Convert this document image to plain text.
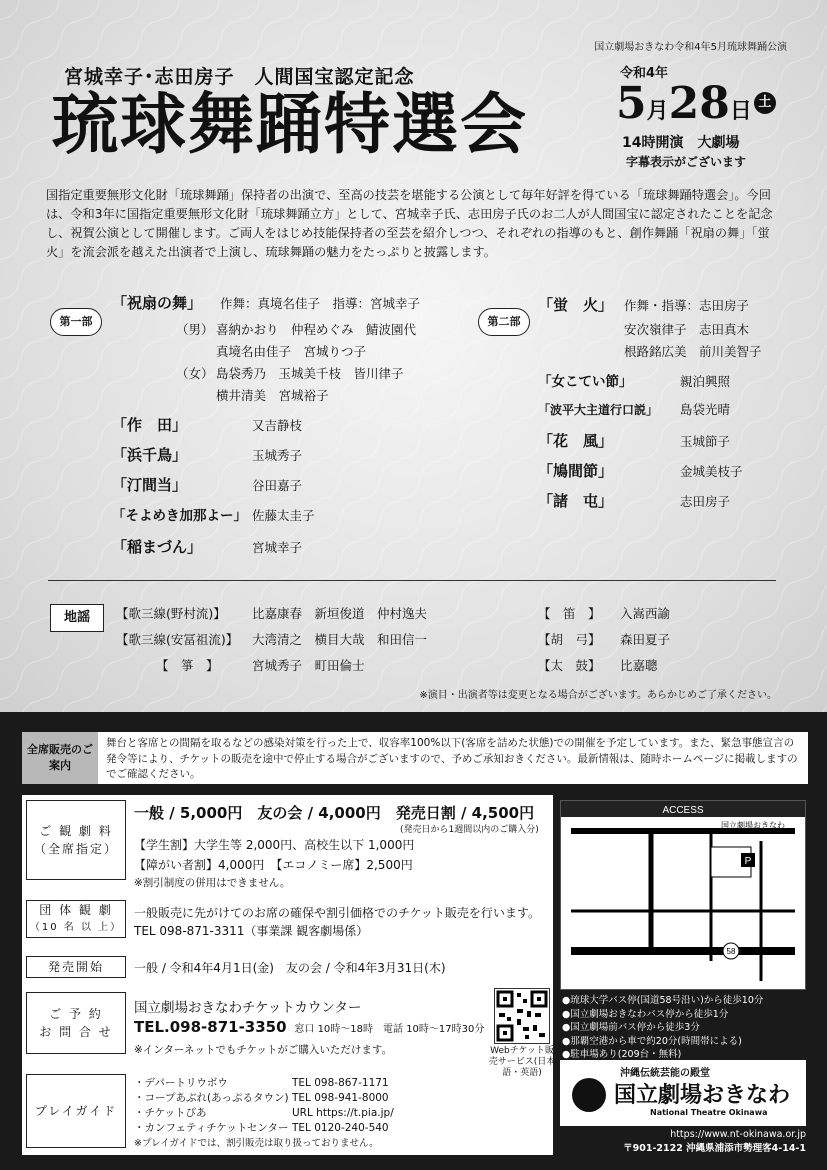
国立劇場おきなわ令和4年5月琉球舞踊公演
宮城幸子･志田房子　人間国宝認定記念
琉球舞踊特選会
令和4年
5月28日 土
14時開演　大劇場
字幕表示がございます
国指定重要無形文化財「琉球舞踊」保持者の出演で、至高の技芸を堪能する公演として毎年好評を得ている「琉球舞踊特選会」。今回は、令和3年に国指定重要無形文化財「琉球舞踊立方」として、宮城幸子氏、志田房子氏のお二人が人間国宝に認定されたことを記念し、祝賀公演として開催します。ご両人をはじめ技能保持者の至芸を紹介しつつ、それぞれの指導のもと、創作舞踊「祝扇の舞」「蛍火」を流会派を越えた出演者で上演し、琉球舞踊の魅力をたっぷりと披露します。
第一部
「祝扇の舞」	作舞：真境名佳子　指導：宮城幸子
（男） 喜納かおり　仲程めぐみ　鯖波園代
真境名由佳子　宮城りつ子
（女） 島袋秀乃　玉城美千枝　皆川律子
横井清美　宮城裕子
「作　田」	又吉静枝
「浜千鳥」	玉城秀子
「汀間当」	谷田嘉子
「そよめき加那よー」 佐藤太圭子
「稲まづん」	宮城幸子
第二部
「蛍　火」 作舞・指導：志田房子
安次嶺律子　志田真木
根路銘広美　前川美智子
「女こてい節」	親泊興照
「波平大主道行口説」	島袋光晴
「花　風」	玉城節子
「鳩間節」	金城美枝子
「諸　屯」	志田房子
地謡	【歌三線(野村流)】	比嘉康春　新垣俊道　仲村逸夫	【　笛　】	入嵩西諭
【歌三線(安冨祖流)】	大湾清之　横目大哉　和田信一	【胡　弓】	森田夏子
【　箏　】	宮城秀子　町田倫士	【太　鼓】	比嘉聰
※演目・出演者等は変更となる場合がございます。あらかじめご了承ください。
全席販売のご案内
舞台と客席との間隔を取るなどの感染対策を行った上で、収容率100%以下(客席を詰めた状態)での開催を予定しています。また、緊急事態宣言の発令等により、チケットの販売を途中で停止する場合がございますので、予めご承知おきください。最新情報は、随時ホームページに掲載しますのでご確認ください。
ご 観 劇 料
（全席指定）
一般 / 5,000円　友の会 / 4,000円　発売日割 / 4,500円
(発売日から1週間以内のご購入分)
【学生割】大学生等 2,000円、高校生以下 1,000円
【障がい者割】4,000円　【エコノミー席】2,500円
※割引制度の併用はできません。
団 体 観 劇
（10 名 以 上）
一般販売に先がけてのお席の確保や割引価格でのチケット販売を行います。
TEL 098-871-3311（事業課 観客劇場係）
発売開始	一般 / 令和4年4月1日(金)　友の会 / 令和4年3月31日(木)
ご 予 約
お 問 合 せ
国立劇場おきなわチケットカウンター
TEL.098-871-3350 窓口 10時〜18時　電話 10時〜17時30分
※インターネットでもチケットがご購入いただけます。	Webチケット販売サービス(日本語・英語)
プレイガイド
・デパートリウボウ	TEL 098-867-1171
・コープあぶれ(あっぷるタウン) TEL 098-941-8000
・チケットぴあ	URL https://t.pia.jp/
・カンフェティチケットセンター TEL 0120-240-540
※プレイガイドでは、割引販売は取り扱っておりません。
ACCESS
P
国立劇場おきなわ
58
●琉球大学バス停(国道58号沿い)から徒歩10分
●国立劇場おきなわバス停から徒歩1分
●国立劇場前バス停から徒歩3分
●那覇空港から車で約20分(時間帯による)
●駐車場あり(209台・無料)
沖縄伝統芸能の殿堂
国立劇場おきなわ
National Theatre Okinawa
https://www.nt-okinawa.or.jp
〒901-2122 沖縄県浦添市勢理客4-14-1
